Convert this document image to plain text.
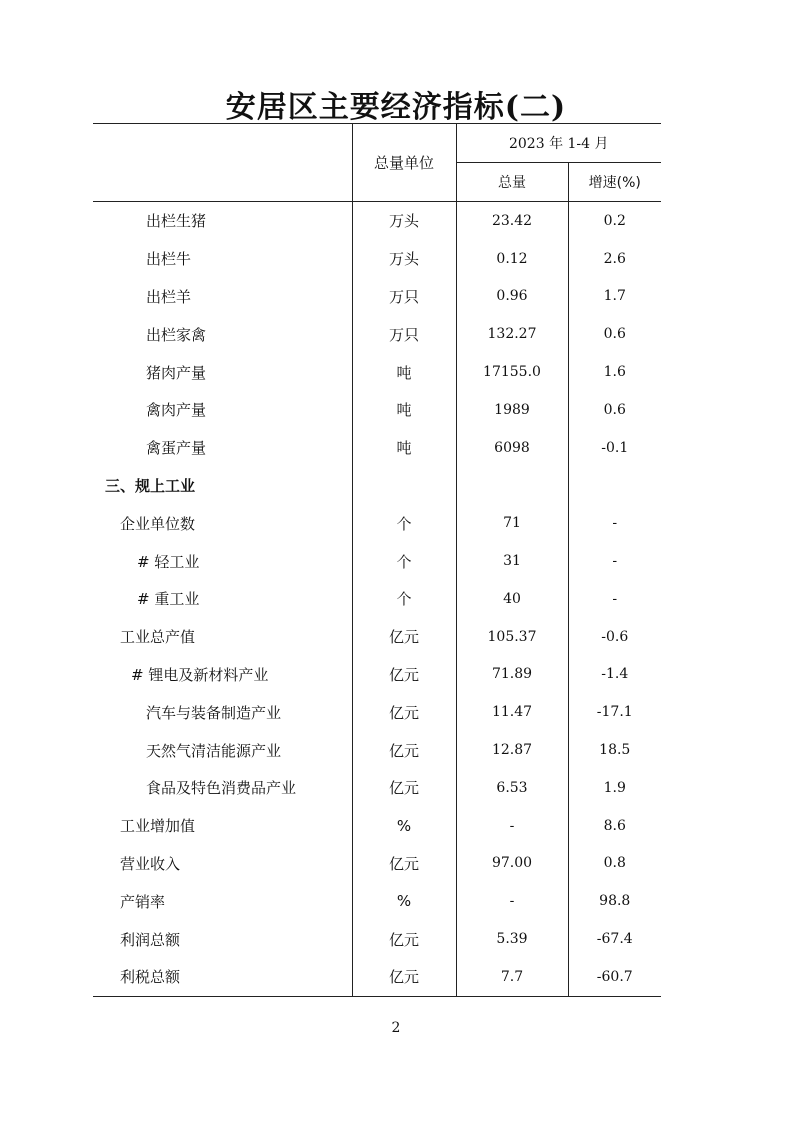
安居区主要经济指标(二)
	总量单位	2023 年 1-4 月	
		总量	增速(%)
出栏生猪	万头	23.42	0.2
出栏牛	万头	0.12	2.6
出栏羊	万只	0.96	1.7
出栏家禽	万只	132.27	0.6
猪肉产量	吨	17155.0	1.6
禽肉产量	吨	1989	0.6
禽蛋产量	吨	6098	-0.1
三、规上工业			
企业单位数	个	71	-
# 轻工业	个	31	-
# 重工业	个	40	-
工业总产值	亿元	105.37	-0.6
# 锂电及新材料产业	亿元	71.89	-1.4
汽车与装备制造产业	亿元	11.47	-17.1
天然气清洁能源产业	亿元	12.87	18.5
食品及特色消费品产业	亿元	6.53	1.9
工业增加值	%	-	8.6
营业收入	亿元	97.00	0.8
产销率	%	-	98.8
利润总额	亿元	5.39	-67.4
利税总额	亿元	7.7	-60.7
2
